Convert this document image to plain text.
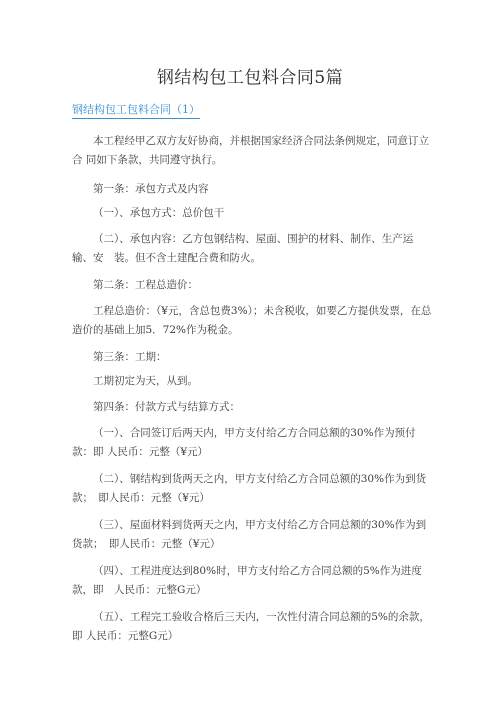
钢结构包工包料合同5篇
钢结构包工包料合同（1）

本工程经甲乙双方友好协商，并根据国家经济合同法条例规定，同意订立合 同如下条款，共同遵守执行。

第一条：承包方式及内容

（一）、承包方式：总价包干

（二）、承包内容：乙方包钢结构、屋面、围护的材料、制作、生产运输、安　装。但不含土建配合费和防火。

第二条：工程总造价：

工程总造价：（¥元，含总包费3%）；未含税收，如要乙方提供发票，在总 造价的基础上加5．72%作为税金。

第三条：工期：

工期初定为天，从到。

第四条：付款方式与结算方式：

（一）、合同签订后两天内，甲方支付给乙方合同总额的30%作为预付款：即 人民币：元整（¥元）

（二）、钢结构到货两天之内，甲方支付给乙方合同总额的30%作为到货款；　即人民币：元整（¥元）

（三）、屋面材料到货两天之内，甲方支付给乙方合同总额的30%作为到货款；　即人民币：元整（¥元）

（四）、工程进度达到80%时，甲方支付给乙方合同总额的5%作为进度款，即　人民币：元整G元）

（五）、工程完工验收合格后三天内，一次性付清合同总额的5%的余款，即 人民币：元整G元）
